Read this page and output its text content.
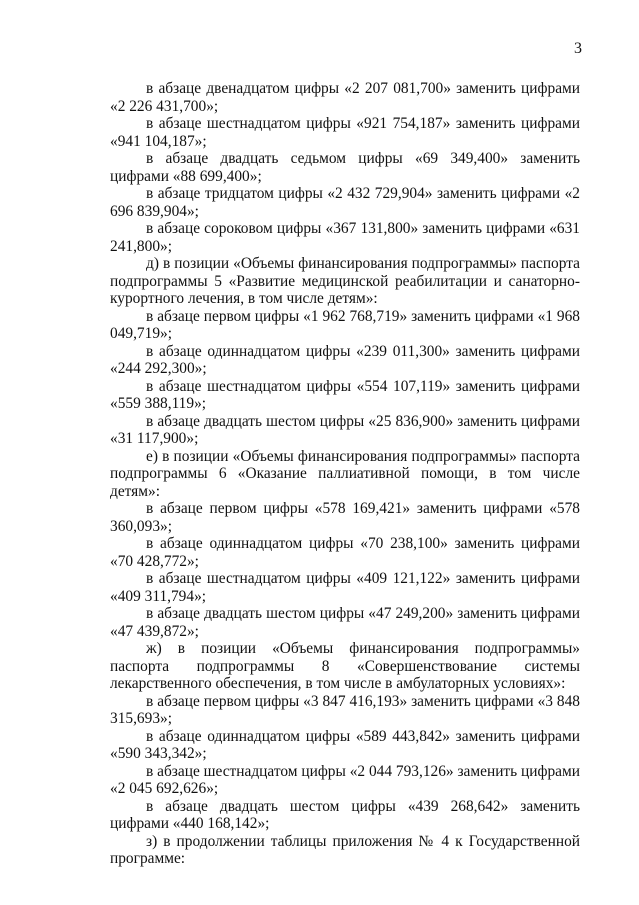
3

в абзаце двенадцатом цифры «2 207 081,700» заменить цифрами «2 226 431,700»;

в абзаце шестнадцатом цифры «921 754,187» заменить цифрами «941 104,187»;

в абзаце двадцать седьмом цифры «69 349,400» заменить цифрами «88 699,400»;

в абзаце тридцатом цифры «2 432 729,904» заменить цифрами «2 696 839,904»;

в абзаце сороковом цифры «367 131,800» заменить цифрами «631 241,800»;

д) в позиции «Объемы финансирования подпрограммы» паспорта подпрограммы 5 «Развитие медицинской реабилитации и санаторно-курортного лечения, в том числе детям»:

в абзаце первом цифры «1 962 768,719» заменить цифрами «1 968 049,719»;

в абзаце одиннадцатом цифры «239 011,300» заменить цифрами «244 292,300»;

в абзаце шестнадцатом цифры «554 107,119» заменить цифрами «559 388,119»;

в абзаце двадцать шестом цифры «25 836,900» заменить цифрами «31 117,900»;

е) в позиции «Объемы финансирования подпрограммы» паспорта подпрограммы 6 «Оказание паллиативной помощи, в том числе детям»:

в абзаце первом цифры «578 169,421» заменить цифрами «578 360,093»;

в абзаце одиннадцатом цифры «70 238,100» заменить цифрами «70 428,772»;

в абзаце шестнадцатом цифры «409 121,122» заменить цифрами «409 311,794»;

в абзаце двадцать шестом цифры «47 249,200» заменить цифрами «47 439,872»;

ж) в позиции «Объемы финансирования подпрограммы» паспорта подпрограммы 8 «Совершенствование системы лекарственного обеспечения, в том числе в амбулаторных условиях»:

в абзаце первом цифры «3 847 416,193» заменить цифрами «3 848 315,693»;

в абзаце одиннадцатом цифры «589 443,842» заменить цифрами «590 343,342»;

в абзаце шестнадцатом цифры «2 044 793,126» заменить цифрами «2 045 692,626»;

в абзаце двадцать шестом цифры «439 268,642» заменить цифрами «440 168,142»;

з) в продолжении таблицы приложения № 4 к Государственной программе:
